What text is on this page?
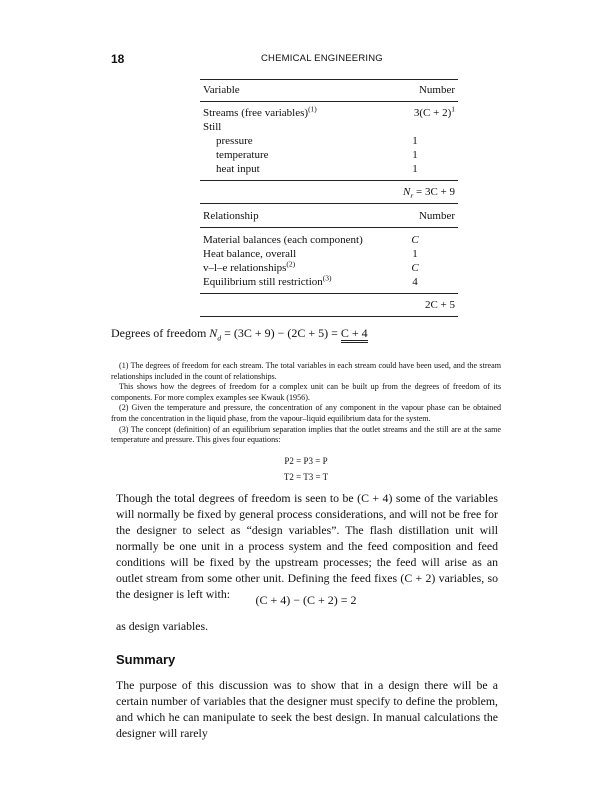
18	CHEMICAL ENGINEERING
Variable	Number
Streams (free variables)$^{(1)}$	$3(C + 2)^1$
Still
pressure	1
temperature	1
heat input	1
$N_r = 3C + 9$
Relationship	Number
Material balances (each component)	C
Heat balance, overall	1
v–l–e relationships$^{(2)}$	C
Equilibrium still restriction$^{(3)}$	4
2C + 5
Degrees of freedom $N_d = (3C + 9) - (2C + 5) = C + 4$

(1) The degrees of freedom for each stream. The total variables in each stream could have been used, and the stream relationships included in the count of relationships.

This shows how the degrees of freedom for a complex unit can be built up from the degrees of freedom of its components. For more complex examples see Kwauk (1956).

(2) Given the temperature and pressure, the concentration of any component in the vapour phase can be obtained from the concentration in the liquid phase, from the vapour–liquid equilibrium data for the system.

(3) The concept (definition) of an equilibrium separation implies that the outlet streams and the still are at the same temperature and pressure. This gives four equations:

P2 = P3 = P
T2 = T3 = T

Though the total degrees of freedom is seen to be (C + 4) some of the variables will normally be fixed by general process considerations, and will not be free for the designer to select as “design variables”. The flash distillation unit will normally be one unit in a process system and the feed composition and feed conditions will be fixed by the upstream processes; the feed will arise as an outlet stream from some other unit. Defining the feed fixes (C + 2) variables, so the designer is left with:	(C + 4) − (C + 2) = 2

as design variables.

Summary

The purpose of this discussion was to show that in a design there will be a certain number of variables that the designer must specify to define the problem, and which he can manipulate to seek the best design. In manual calculations the designer will rarely
